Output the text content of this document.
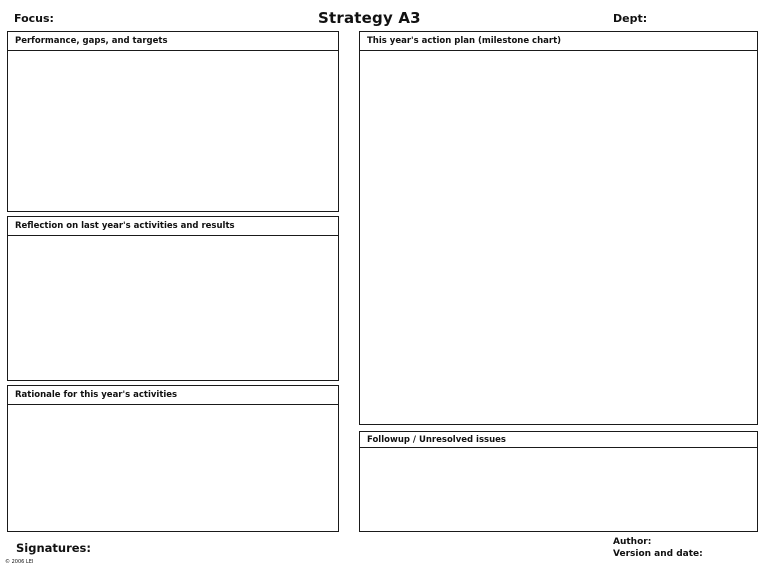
Focus:	Strategy A3	Dept:
Performance, gaps, and targets
Reflection on last year's activities and results
Rationale for this year's activities
This year's action plan (milestone chart)
Followup / Unresolved issues
Signatures:	Author:
Version and date:
© 2006 LEI
